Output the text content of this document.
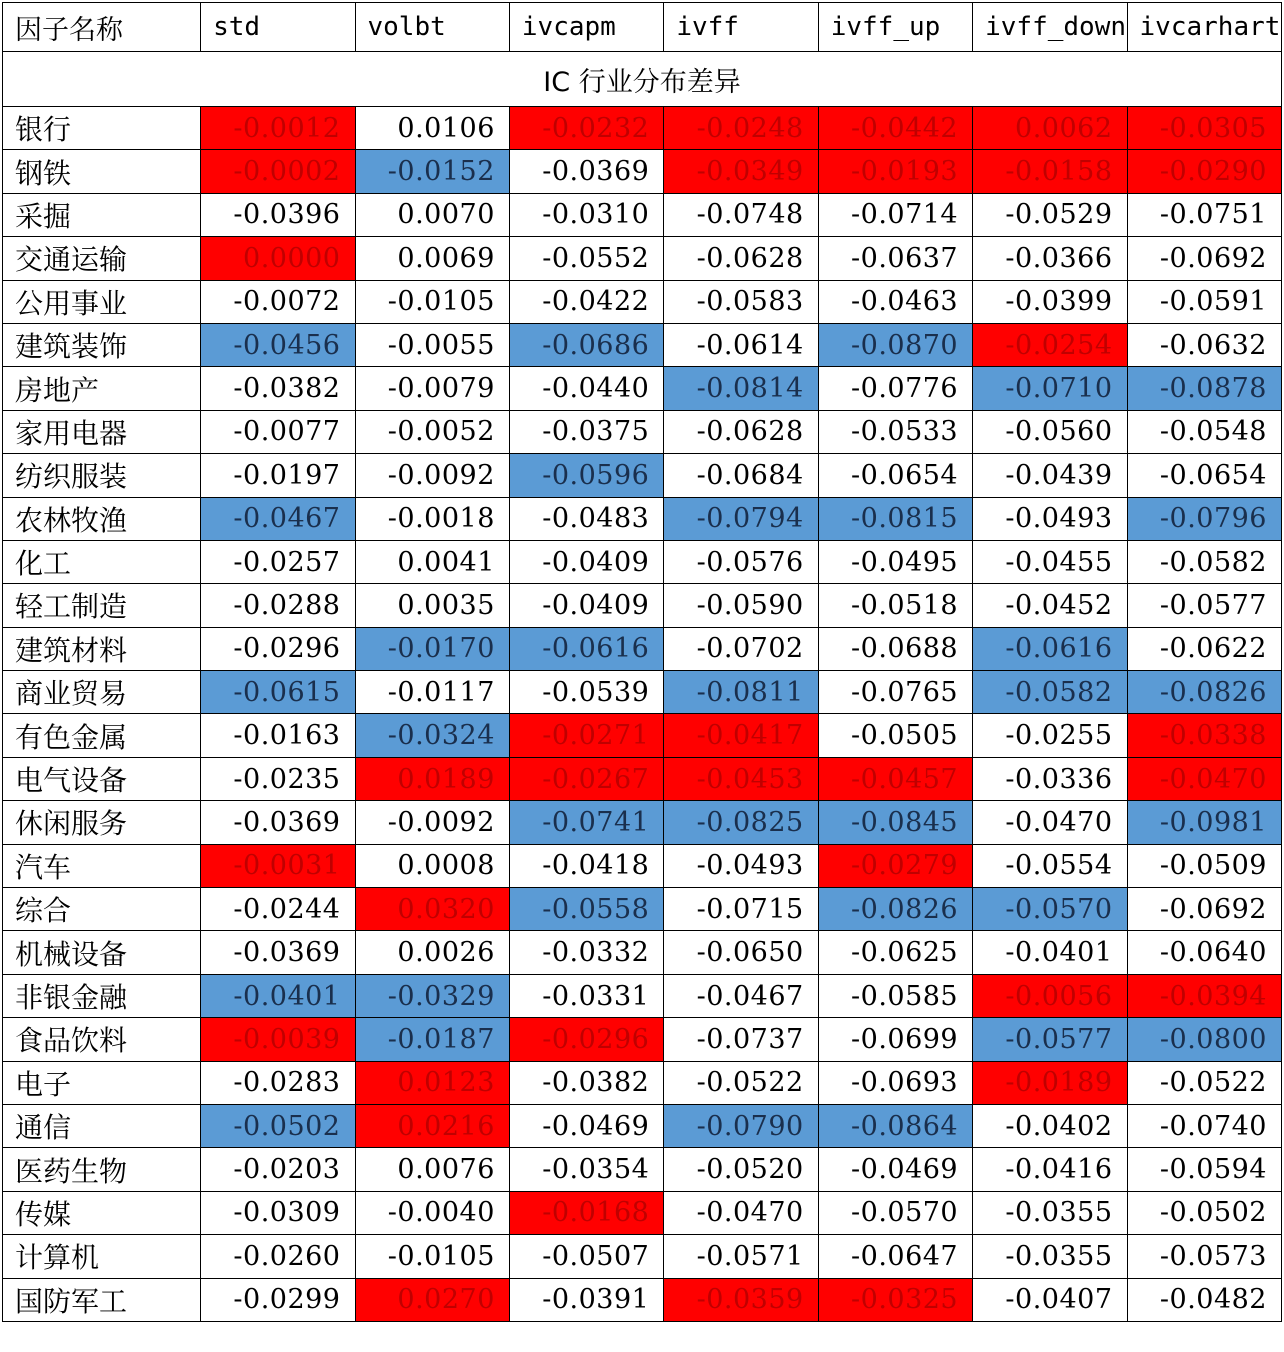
因子名称	std	volbt	ivcapm	ivff	ivff_up	ivff_down	ivcarhart
IC 行业分布差异							
银行	-0.0012	0.0106	-0.0232	-0.0248	-0.0442	0.0062	-0.0305
钢铁	-0.0002	-0.0152	-0.0369	-0.0349	-0.0193	-0.0158	-0.0290
采掘	-0.0396	0.0070	-0.0310	-0.0748	-0.0714	-0.0529	-0.0751
交通运输	0.0000	0.0069	-0.0552	-0.0628	-0.0637	-0.0366	-0.0692
公用事业	-0.0072	-0.0105	-0.0422	-0.0583	-0.0463	-0.0399	-0.0591
建筑装饰	-0.0456	-0.0055	-0.0686	-0.0614	-0.0870	-0.0254	-0.0632
房地产	-0.0382	-0.0079	-0.0440	-0.0814	-0.0776	-0.0710	-0.0878
家用电器	-0.0077	-0.0052	-0.0375	-0.0628	-0.0533	-0.0560	-0.0548
纺织服装	-0.0197	-0.0092	-0.0596	-0.0684	-0.0654	-0.0439	-0.0654
农林牧渔	-0.0467	-0.0018	-0.0483	-0.0794	-0.0815	-0.0493	-0.0796
化工	-0.0257	0.0041	-0.0409	-0.0576	-0.0495	-0.0455	-0.0582
轻工制造	-0.0288	0.0035	-0.0409	-0.0590	-0.0518	-0.0452	-0.0577
建筑材料	-0.0296	-0.0170	-0.0616	-0.0702	-0.0688	-0.0616	-0.0622
商业贸易	-0.0615	-0.0117	-0.0539	-0.0811	-0.0765	-0.0582	-0.0826
有色金属	-0.0163	-0.0324	-0.0271	-0.0417	-0.0505	-0.0255	-0.0338
电气设备	-0.0235	0.0189	-0.0267	-0.0453	-0.0457	-0.0336	-0.0470
休闲服务	-0.0369	-0.0092	-0.0741	-0.0825	-0.0845	-0.0470	-0.0981
汽车	-0.0031	0.0008	-0.0418	-0.0493	-0.0279	-0.0554	-0.0509
综合	-0.0244	0.0320	-0.0558	-0.0715	-0.0826	-0.0570	-0.0692
机械设备	-0.0369	0.0026	-0.0332	-0.0650	-0.0625	-0.0401	-0.0640
非银金融	-0.0401	-0.0329	-0.0331	-0.0467	-0.0585	-0.0056	-0.0394
食品饮料	-0.0039	-0.0187	-0.0296	-0.0737	-0.0699	-0.0577	-0.0800
电子	-0.0283	0.0123	-0.0382	-0.0522	-0.0693	-0.0189	-0.0522
通信	-0.0502	0.0216	-0.0469	-0.0790	-0.0864	-0.0402	-0.0740
医药生物	-0.0203	0.0076	-0.0354	-0.0520	-0.0469	-0.0416	-0.0594
传媒	-0.0309	-0.0040	-0.0168	-0.0470	-0.0570	-0.0355	-0.0502
计算机	-0.0260	-0.0105	-0.0507	-0.0571	-0.0647	-0.0355	-0.0573
国防军工	-0.0299	0.0270	-0.0391	-0.0359	-0.0325	-0.0407	-0.0482
